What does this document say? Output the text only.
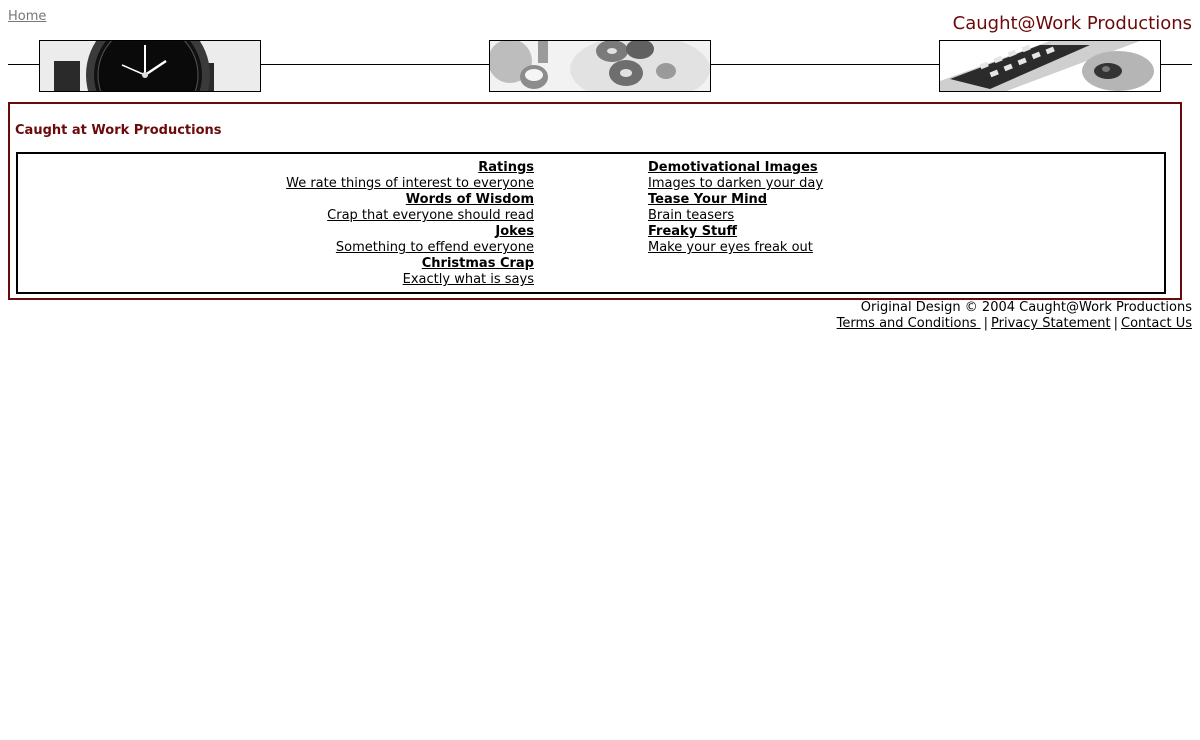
Home	Caught@Work Productions
Caught at Work Productions
Ratings
We rate things of interest to everyone
Words of Wisdom
Crap that everyone should read
Jokes
Something to effend everyone
Christmas Crap
Exactly what is says
Demotivational Images
Images to darken your day
Tease Your Mind
Brain teasers
Freaky Stuff
Make your eyes freak out
Original Design © 2004 Caught@Work Productions
Terms and Conditions | Privacy Statement | Contact Us
